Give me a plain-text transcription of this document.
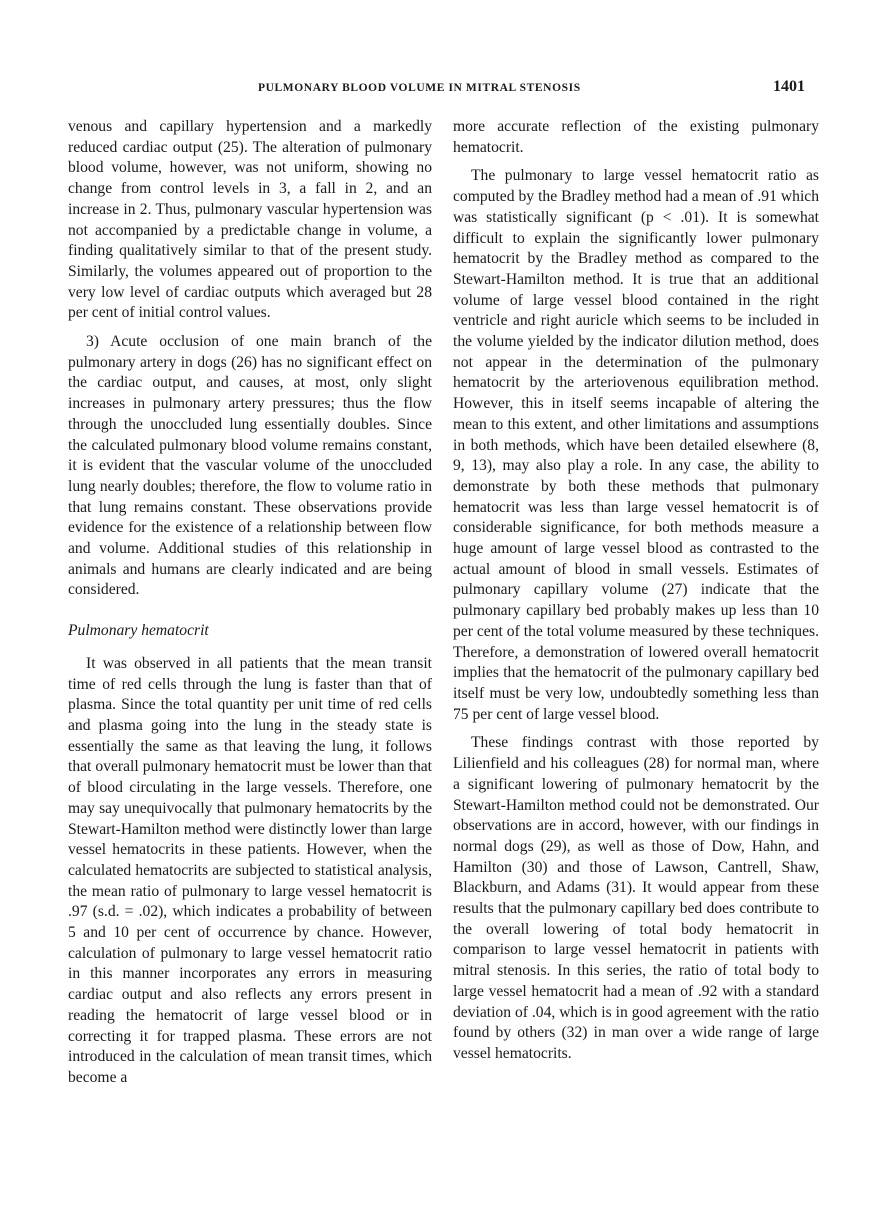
PULMONARY BLOOD VOLUME IN MITRAL STENOSIS	1401

venous and capillary hypertension and a markedly reduced cardiac output (25). The alteration of pulmonary blood volume, however, was not uniform, showing no change from control levels in 3, a fall in 2, and an increase in 2. Thus, pulmonary vascular hypertension was not accompanied by a predictable change in volume, a finding qualitatively similar to that of the present study. Similarly, the volumes appeared out of proportion to the very low level of cardiac outputs which averaged but 28 per cent of initial control values.

3) Acute occlusion of one main branch of the pulmonary artery in dogs (26) has no significant effect on the cardiac output, and causes, at most, only slight increases in pulmonary artery pressures; thus the flow through the unoccluded lung essentially doubles. Since the calculated pulmonary blood volume remains constant, it is evident that the vascular volume of the unoccluded lung nearly doubles; therefore, the flow to volume ratio in that lung remains constant. These observations provide evidence for the existence of a relationship between flow and volume. Additional studies of this relationship in animals and humans are clearly indicated and are being considered.

Pulmonary hematocrit

It was observed in all patients that the mean transit time of red cells through the lung is faster than that of plasma. Since the total quantity per unit time of red cells and plasma going into the lung in the steady state is essentially the same as that leaving the lung, it follows that overall pulmonary hematocrit must be lower than that of blood circulating in the large vessels. Therefore, one may say unequivocally that pulmonary hematocrits by the Stewart-Hamilton method were distinctly lower than large vessel hematocrits in these patients. However, when the calculated hematocrits are subjected to statistical analysis, the mean ratio of pulmonary to large vessel hematocrit is .97 (s.d. = .02), which indicates a probability of between 5 and 10 per cent of occurrence by chance. However, calculation of pulmonary to large vessel hematocrit ratio in this manner incorporates any errors in measuring cardiac output and also reflects any errors present in reading the hematocrit of large vessel blood or in correcting it for trapped plasma. These errors are not introduced in the calculation of mean transit times, which become a

more accurate reflection of the existing pulmonary hematocrit.

The pulmonary to large vessel hematocrit ratio as computed by the Bradley method had a mean of .91 which was statistically significant (p < .01). It is somewhat difficult to explain the significantly lower pulmonary hematocrit by the Bradley method as compared to the Stewart-Hamilton method. It is true that an additional volume of large vessel blood contained in the right ventricle and right auricle which seems to be included in the volume yielded by the indicator dilution method, does not appear in the determination of the pulmonary hematocrit by the arteriovenous equilibration method. However, this in itself seems incapable of altering the mean to this extent, and other limitations and assumptions in both methods, which have been detailed elsewhere (8, 9, 13), may also play a role. In any case, the ability to demonstrate by both these methods that pulmonary hematocrit was less than large vessel hematocrit is of considerable significance, for both methods measure a huge amount of large vessel blood as contrasted to the actual amount of blood in small vessels. Estimates of pulmonary capillary volume (27) indicate that the pulmonary capillary bed probably makes up less than 10 per cent of the total volume measured by these techniques. Therefore, a demonstration of lowered overall hematocrit implies that the hematocrit of the pulmonary capillary bed itself must be very low, undoubtedly something less than 75 per cent of large vessel blood.

These findings contrast with those reported by Lilienfield and his colleagues (28) for normal man, where a significant lowering of pulmonary hematocrit by the Stewart-Hamilton method could not be demonstrated. Our observations are in accord, however, with our findings in normal dogs (29), as well as those of Dow, Hahn, and Hamilton (30) and those of Lawson, Cantrell, Shaw, Blackburn, and Adams (31). It would appear from these results that the pulmonary capillary bed does contribute to the overall lowering of total body hematocrit in comparison to large vessel hematocrit in patients with mitral stenosis. In this series, the ratio of total body to large vessel hematocrit had a mean of .92 with a standard deviation of .04, which is in good agreement with the ratio found by others (32) in man over a wide range of large vessel hematocrits.
